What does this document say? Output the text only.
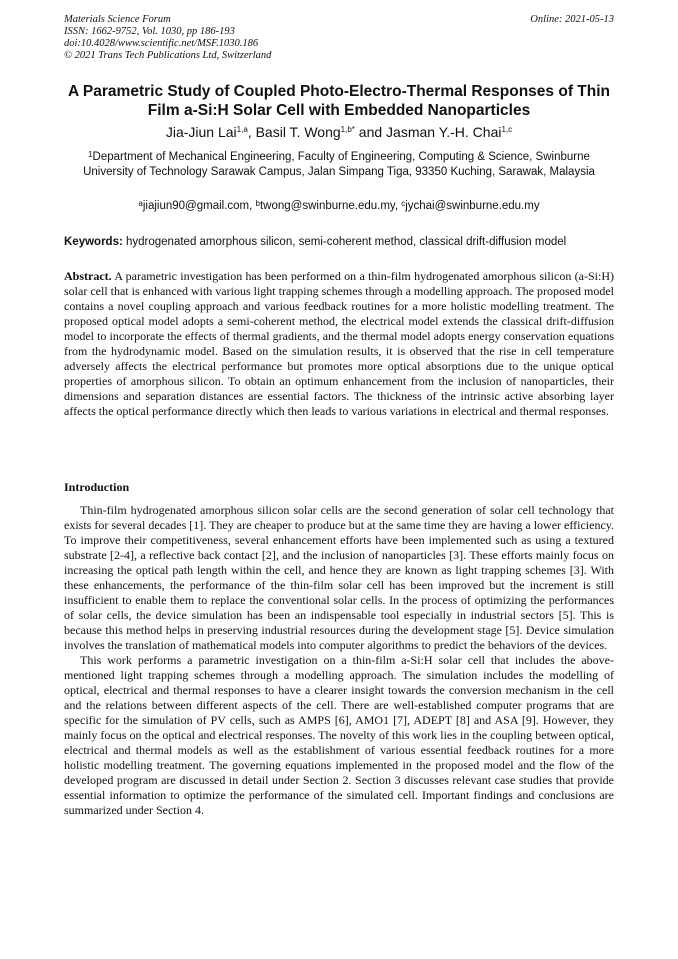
Materials Science Forum
ISSN: 1662-9752, Vol. 1030, pp 186-193
doi:10.4028/www.scientific.net/MSF.1030.186
© 2021 Trans Tech Publications Ltd, Switzerland
Online: 2021-05-13
A Parametric Study of Coupled Photo-Electro-Thermal Responses of Thin Film a-Si:H Solar Cell with Embedded Nanoparticles
Jia-Jiun Lai$^{1,a}$, Basil T. Wong$^{1,b*}$ and Jasman Y.-H. Chai$^{1,c}$
$^1$Department of Mechanical Engineering, Faculty of Engineering, Computing & Science, Swinburne University of Technology Sarawak Campus, Jalan Simpang Tiga, 93350 Kuching, Sarawak, Malaysia
$^a$jiajiun90@gmail.com, $^b$twong@swinburne.edu.my, $^c$jychai@swinburne.edu.my
Keywords: hydrogenated amorphous silicon, semi-coherent method, classical drift-diffusion model
Abstract. A parametric investigation has been performed on a thin-film hydrogenated amorphous silicon (a-Si:H) solar cell that is enhanced with various light trapping schemes through a modelling approach. The proposed model contains a novel coupling approach and various feedback routines for a more holistic modelling treatment. The proposed optical model adopts a semi-coherent method, the electrical model extends the classical drift-diffusion model to incorporate the effects of thermal gradients, and the thermal model adopts energy conservation equations from the hydrodynamic model. Based on the simulation results, it is observed that the rise in cell temperature adversely affects the electrical performance but promotes more optical absorptions due to the unique optical properties of amorphous silicon. To obtain an optimum enhancement from the inclusion of nanoparticles, their dimensions and separation distances are essential factors. The thickness of the intrinsic active absorbing layer affects the optical performance directly which then leads to various variations in electrical and thermal responses.
Introduction

Thin-film hydrogenated amorphous silicon solar cells are the second generation of solar cell technology that exists for several decades [1]. They are cheaper to produce but at the same time they are having a lower efficiency. To improve their competitiveness, several enhancement efforts have been implemented such as using a textured substrate [2-4], a reflective back contact [2], and the inclusion of nanoparticles [3]. These efforts mainly focus on increasing the optical path length within the cell, and hence they are known as light trapping schemes [3]. With these enhancements, the performance of the thin-film solar cell has been improved but the increment is still insufficient to enable them to replace the conventional solar cells. In the process of optimizing the performances of solar cells, the device simulation has been an indispensable tool especially in industrial sectors [5]. This is because this method helps in preserving industrial resources during the development stage [5]. Device simulation involves the translation of mathematical models into computer algorithms to predict the behaviors of the devices.

This work performs a parametric investigation on a thin-film a-Si:H solar cell that includes the above-mentioned light trapping schemes through a modelling approach. The simulation includes the modelling of optical, electrical and thermal responses to have a clearer insight towards the conversion mechanism in the cell and the relations between different aspects of the cell. There are well-established computer programs that are specific for the simulation of PV cells, such as AMPS [6], AMO1 [7], ADEPT [8] and ASA [9]. However, they mainly focus on the optical and electrical responses. The novelty of this work lies in the coupling between optical, electrical and thermal models as well as the establishment of various essential feedback routines for a more holistic modelling treatment. The governing equations implemented in the proposed model and the flow of the developed program are discussed in detail under Section 2. Section 3 discusses relevant case studies that provide essential information to optimize the performance of the simulated cell. Important findings and conclusions are summarized under Section 4.
